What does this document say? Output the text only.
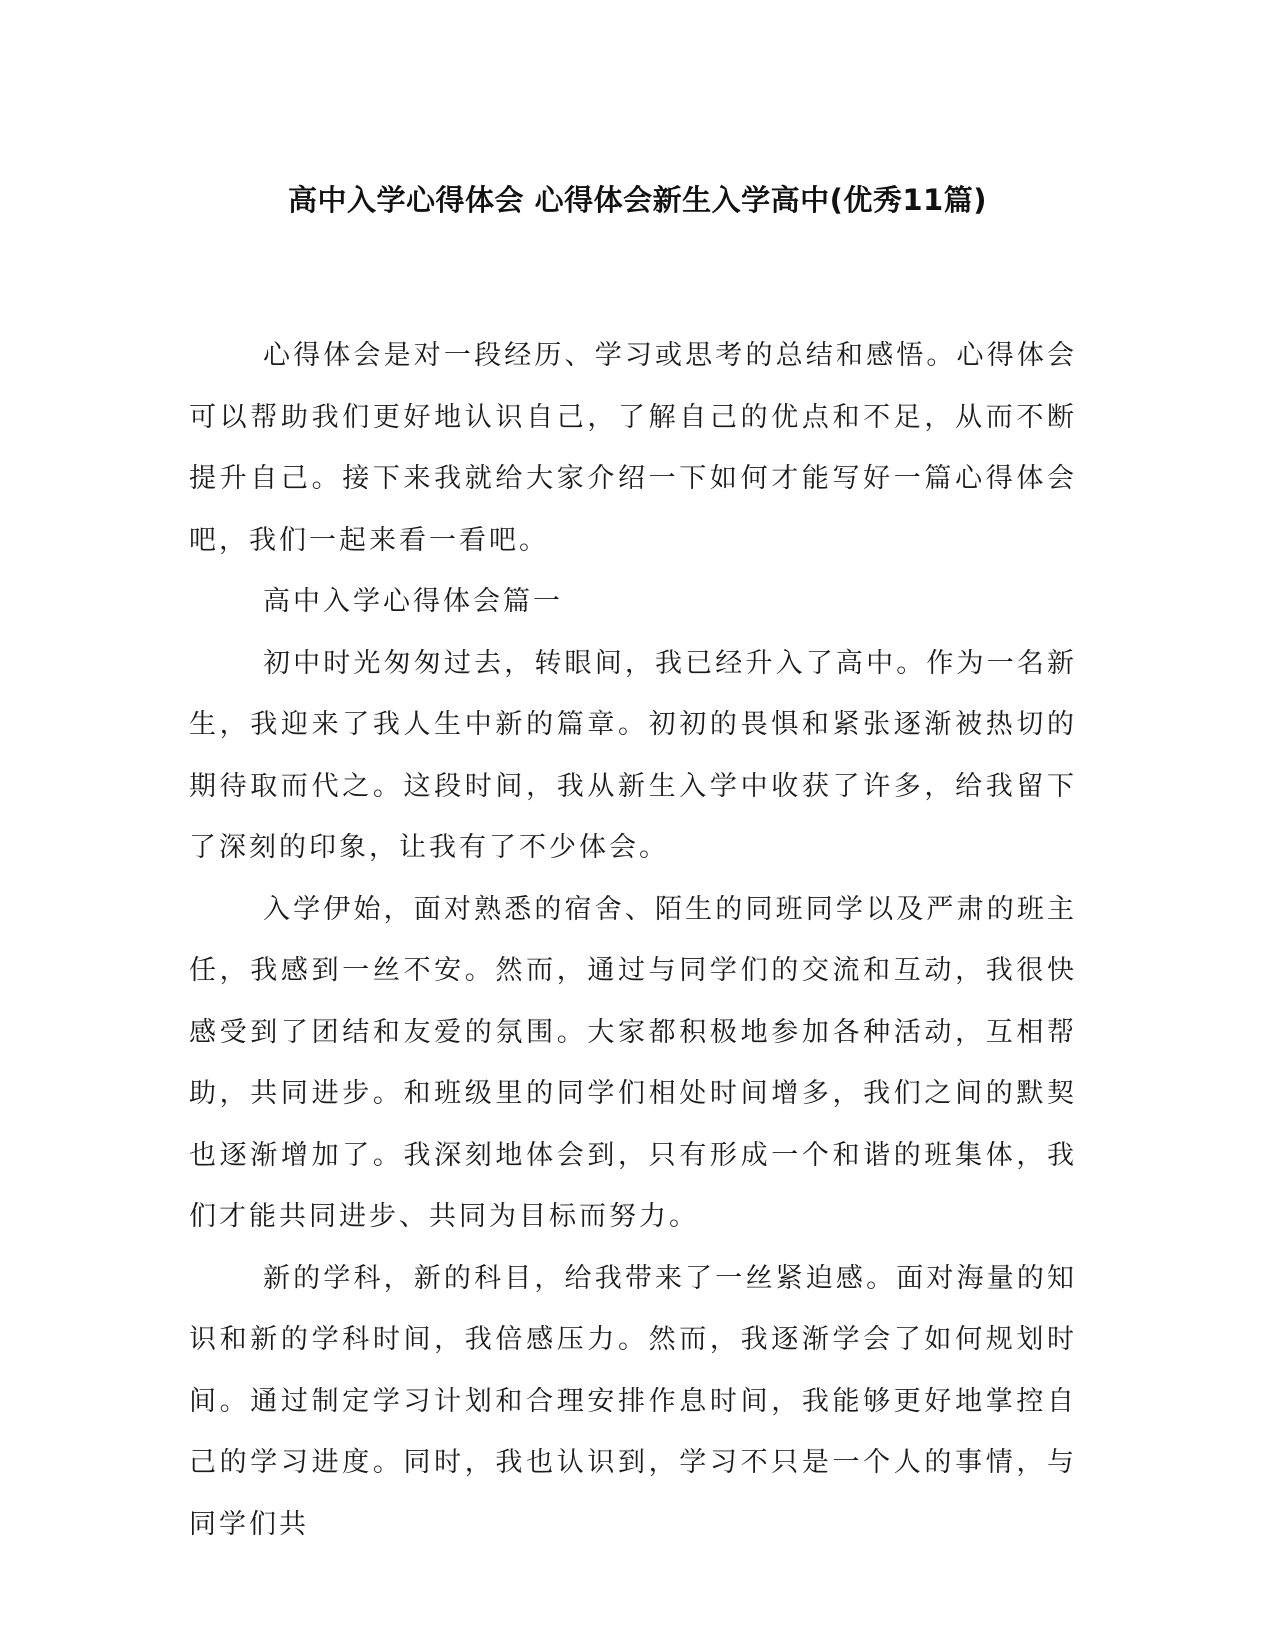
高中入学心得体会 心得体会新生入学高中(优秀11篇)

心得体会是对一段经历、学习或思考的总结和感悟。心得体会可以帮助我们更好地认识自己，了解自己的优点和不足，从而不断提升自己。接下来我就给大家介绍一下如何才能写好一篇心得体会吧，我们一起来看一看吧。

高中入学心得体会篇一

初中时光匆匆过去，转眼间，我已经升入了高中。作为一名新生，我迎来了我人生中新的篇章。初初的畏惧和紧张逐渐被热切的期待取而代之。这段时间，我从新生入学中收获了许多，给我留下了深刻的印象，让我有了不少体会。

入学伊始，面对熟悉的宿舍、陌生的同班同学以及严肃的班主任，我感到一丝不安。然而，通过与同学们的交流和互动，我很快感受到了团结和友爱的氛围。大家都积极地参加各种活动，互相帮助，共同进步。和班级里的同学们相处时间增多，我们之间的默契也逐渐增加了。我深刻地体会到，只有形成一个和谐的班集体，我们才能共同进步、共同为目标而努力。

新的学科，新的科目，给我带来了一丝紧迫感。面对海量的知识和新的学科时间，我倍感压力。然而，我逐渐学会了如何规划时间。通过制定学习计划和合理安排作息时间，我能够更好地掌控自己的学习进度。同时，我也认识到，学习不只是一个人的事情，与同学们共
